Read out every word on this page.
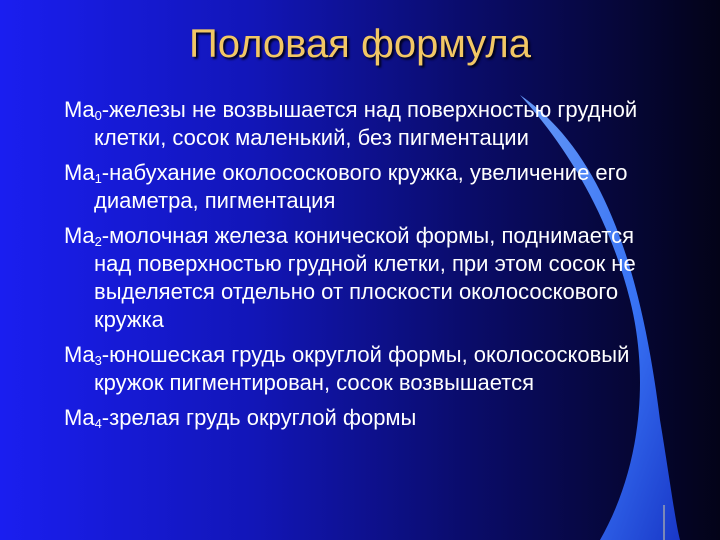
Половая формула
$Ma_0$-железы не возвышается над поверхностью грудной клетки, сосок маленький, без пигментации
$Ma_1$-набухание околососкового кружка, увеличение его диаметра, пигментация
$Ma_2$-молочная железа конической формы, поднимается над поверхностью грудной клетки, при этом сосок не выделяется отдельно от плоскости околососкового кружка
$Ma_3$-юношеская грудь округлой формы, околососковый кружок пигментирован, сосок возвышается
$Ma_4$-зрелая грудь округлой формы
